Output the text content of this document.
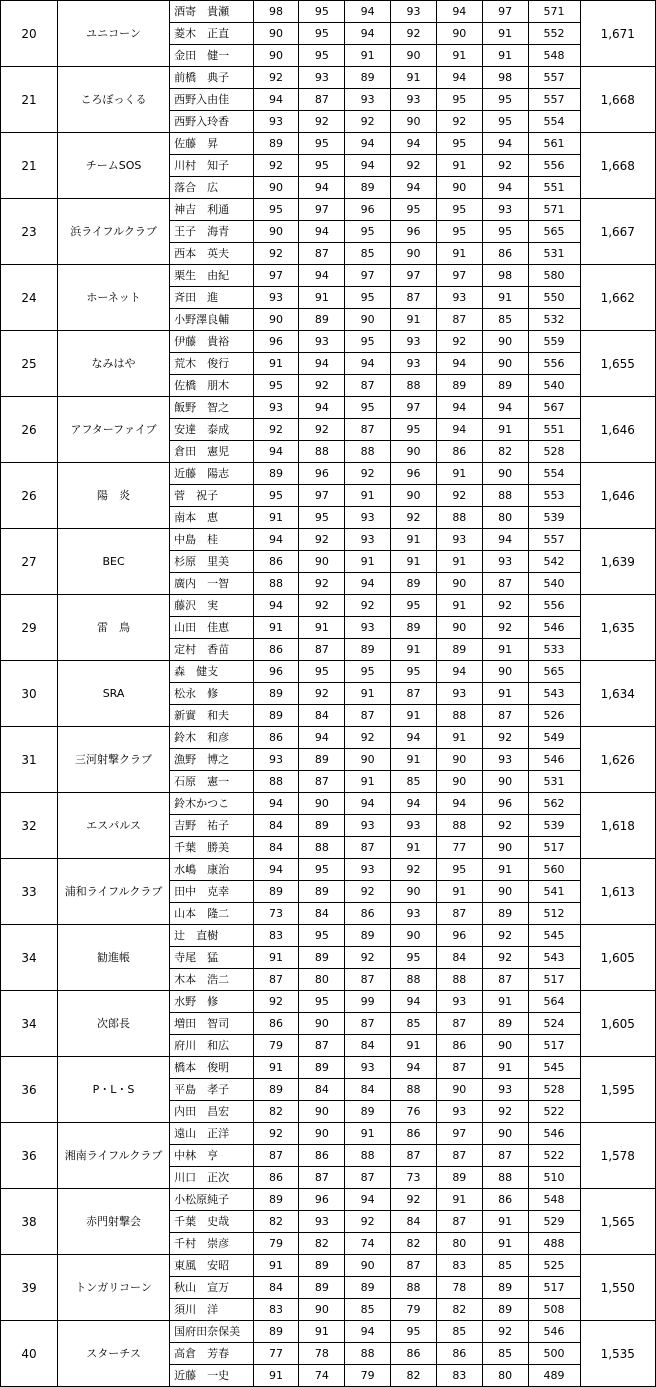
20	ユニコーン	酒寄　貴瀬	98	95	94	93	94	97	571	1,671
		菱木　正直	90	95	94	92	90	91	552	
		金田　健一	90	95	91	90	91	91	548	
21	ころぼっくる	前橋　典子	92	93	89	91	94	98	557	1,668
		西野入由佳	94	87	93	93	95	95	557	
		西野入玲香	93	92	92	90	92	95	554	
21	チームSOS	佐藤　昇	89	95	94	94	95	94	561	1,668
		川村　知子	92	95	94	92	91	92	556	
		落合　広	90	94	89	94	90	94	551	
23	浜ライフルクラブ	神吉　利通	95	97	96	95	95	93	571	1,667
		王子　海青	90	94	95	96	95	95	565	
		西本　英夫	92	87	85	90	91	86	531	
24	ホーネット	栗生　由紀	97	94	97	97	97	98	580	1,662
		斉田　進	93	91	95	87	93	91	550	
		小野澤良輔	90	89	90	91	87	85	532	
25	なみはや	伊藤　貴裕	96	93	95	93	92	90	559	1,655
		荒木　俊行	91	94	94	93	94	90	556	
		佐橋　朋木	95	92	87	88	89	89	540	
26	アフターファイブ	飯野　智之	93	94	95	97	94	94	567	1,646
		安達　泰成	92	92	87	95	94	91	551	
		倉田　憲児	94	88	88	90	86	82	528	
26	陽　炎	近藤　陽志	89	96	92	96	91	90	554	1,646
		菅　祝子	95	97	91	90	92	88	553	
		南本　恵	91	95	93	92	88	80	539	
27	BEC	中島　桂	94	92	93	91	93	94	557	1,639
		杉原　里美	86	90	91	91	91	93	542	
		廣内　一智	88	92	94	89	90	87	540	
29	雷　鳥	藤沢　実	94	92	92	95	91	92	556	1,635
		山田　佳恵	91	91	93	89	90	92	546	
		定村　香苗	86	87	89	91	89	91	533	
30	SRA	森　健支	96	95	95	95	94	90	565	1,634
		松永　修	89	92	91	87	93	91	543	
		新實　和夫	89	84	87	91	88	87	526	
31	三河射撃クラブ	鈴木　和彦	86	94	92	94	91	92	549	1,626
		漁野　博之	93	89	90	91	90	93	546	
		石原　憲一	88	87	91	85	90	90	531	
32	エスパルス	鈴木かつこ	94	90	94	94	94	96	562	1,618
		吉野　祐子	84	89	93	93	88	92	539	
		千葉　勝美	84	88	87	91	77	90	517	
33	浦和ライフルクラブ	水嶋　康治	94	95	93	92	95	91	560	1,613
		田中　克幸	89	89	92	90	91	90	541	
		山本　隆二	73	84	86	93	87	89	512	
34	勧進帳	辻　直樹	83	95	89	90	96	92	545	1,605
		寺尾　猛	91	89	92	95	84	92	543	
		木本　浩二	87	80	87	88	88	87	517	
34	次郎長	水野　修	92	95	99	94	93	91	564	1,605
		増田　智司	86	90	87	85	87	89	524	
		府川　和広	79	87	84	91	86	90	517	
36	P・L・S	橋本　俊明	91	89	93	94	87	91	545	1,595
		平島　孝子	89	84	84	88	90	93	528	
		内田　昌宏	82	90	89	76	93	92	522	
36	湘南ライフルクラブ	遠山　正洋	92	90	91	86	97	90	546	1,578
		中林　亨	87	86	88	87	87	87	522	
		川口　正次	86	87	87	73	89	88	510	
38	赤門射撃会	小松原純子	89	96	94	92	91	86	548	1,565
		千葉　史哉	82	93	92	84	87	91	529	
		千村　崇彦	79	82	74	82	80	91	488	
39	トンガリコーン	東風　安昭	91	89	90	87	83	85	525	1,550
		秋山　宣万	84	89	89	88	78	89	517	
		須川　洋	83	90	85	79	82	89	508	
40	スターチス	国府田奈保美	89	91	94	95	85	92	546	1,535
		高倉　芳春	77	78	88	86	86	85	500	
		近藤　一史	91	74	79	82	83	80	489	
